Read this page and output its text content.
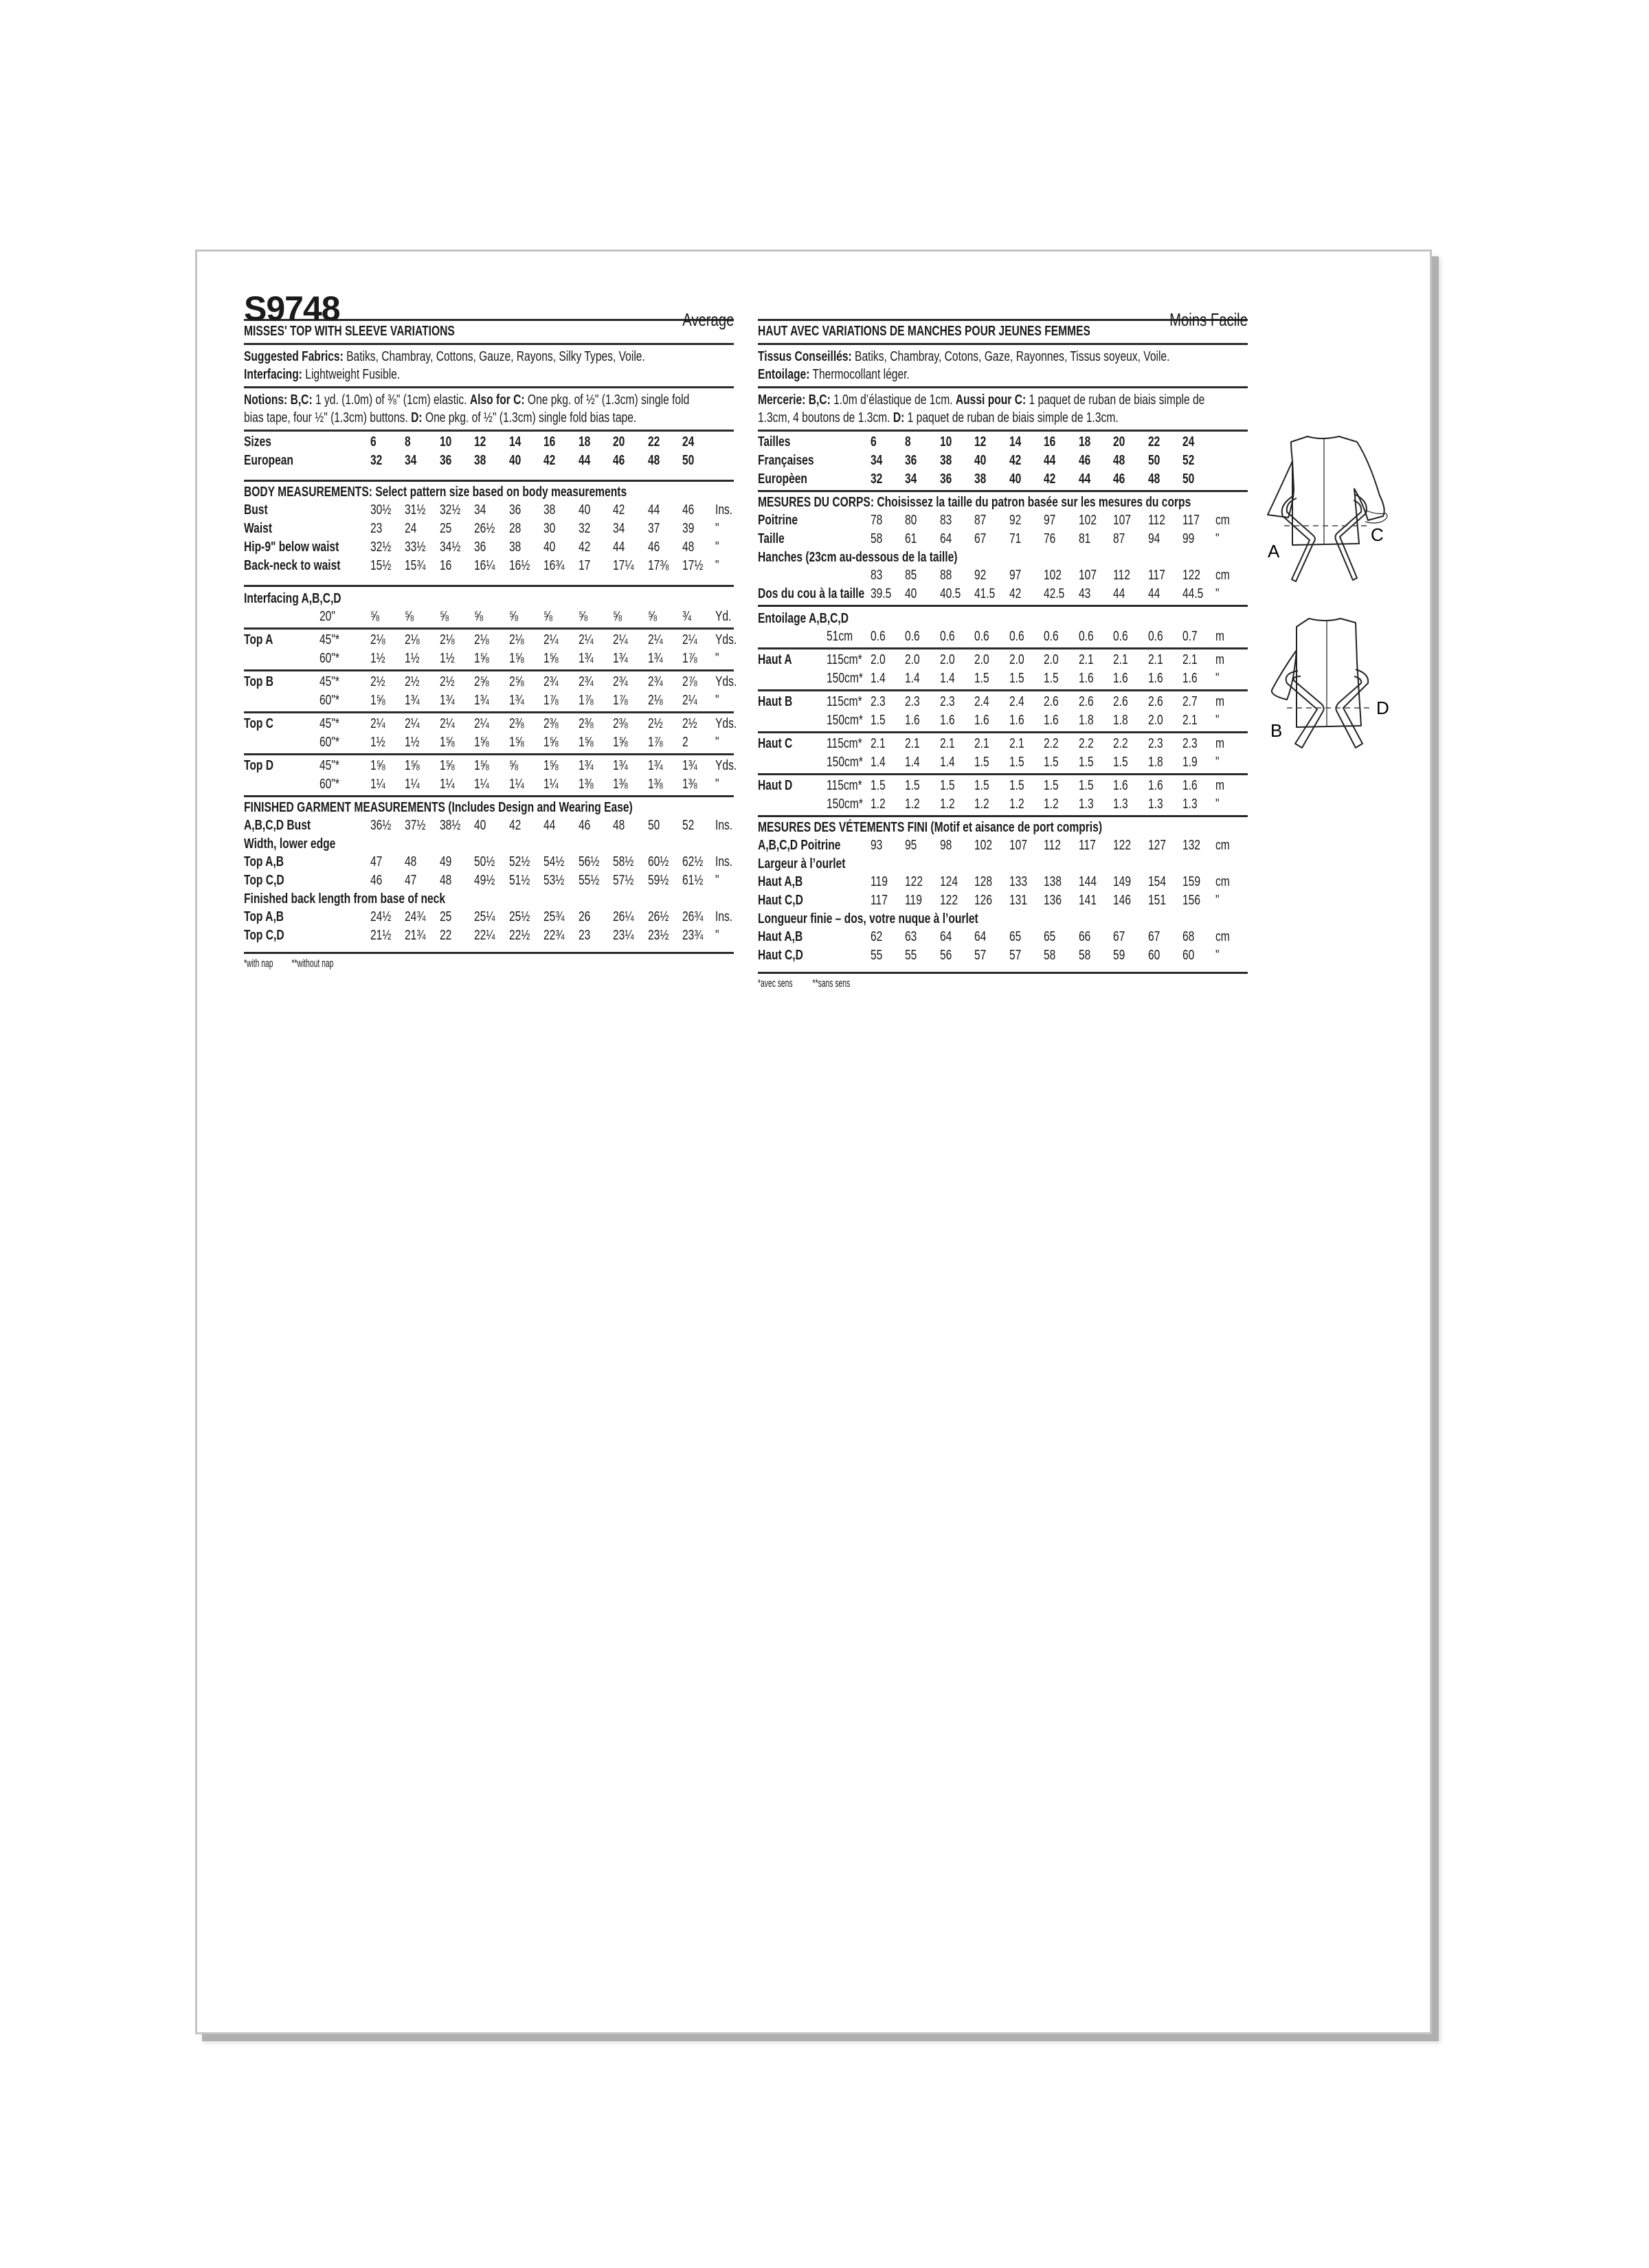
S9748	Average
MISSES' TOP WITH SLEEVE VARIATIONS
Suggested Fabrics: Batiks, Chambray, Cottons, Gauze, Rayons, Silky Types, Voile.
Interfacing: Lightweight Fusible.
Notions: B,C: 1 yd. (1.0m) of ⅜" (1cm) elastic. Also for C: One pkg. of ½" (1.3cm) single fold
bias tape, four ½" (1.3cm) buttons. D: One pkg. of ½" (1.3cm) single fold bias tape.
Sizes	6 8 10 12 14 16 18 20 22 24
European	32 34 36 38 40 42 44 46 48 50
BODY MEASUREMENTS: Select pattern size based on body measurements
Bust	30½ 31½ 32½ 34 36 38 40 42 44 46 Ins.
Waist	23 24 25 26½ 28 30 32 34 37 39 "
Hip-9" below waist 32½ 33½ 34½ 36 38 40 42 44 46 48 "
Back-neck to waist 15½ 15¾ 16 16¼ 16½ 16¾ 17 17¼ 17⅜ 17½ "
Interfacing A,B,C,D
20"	⅝ ⅝ ⅝ ⅝ ⅝ ⅝ ⅝ ⅝ ⅝ ¾ Yd.
Top A	45"* 2⅛ 2⅛ 2⅛ 2⅛ 2⅛ 2¼ 2¼ 2¼ 2¼ 2¼ Yds.
60"* 1½ 1½ 1½ 1⅝ 1⅝ 1⅝ 1¾ 1¾ 1¾ 1⅞ "
Top B	45"* 2½ 2½ 2½ 2⅝ 2⅝ 2¾ 2¾ 2¾ 2¾ 2⅞ Yds.
60"* 1⅝ 1¾ 1¾ 1¾ 1¾ 1⅞ 1⅞ 1⅞ 2⅛ 2¼ "
Top C	45"* 2¼ 2¼ 2¼ 2¼ 2⅜ 2⅜ 2⅜ 2⅜ 2½ 2½ Yds.
60"* 1½ 1½ 1⅝ 1⅝ 1⅝ 1⅝ 1⅝ 1⅝ 1⅞ 2 "
Top D	45"* 1⅝ 1⅝ 1⅝ 1⅝ ⅝ 1⅝ 1¾ 1¾ 1¾ 1¾ Yds.
60"* 1¼ 1¼ 1¼ 1¼ 1¼ 1¼ 1⅜ 1⅜ 1⅜ 1⅜ "
FINISHED GARMENT MEASUREMENTS (Includes Design and Wearing Ease)
A,B,C,D Bust	36½ 37½ 38½ 40 42 44 46 48 50 52 Ins.
Width, lower edge
Top A,B	47 48 49 50½ 52½ 54½ 56½ 58½ 60½ 62½ Ins.
Top C,D	46 47 48 49½ 51½ 53½ 55½ 57½ 59½ 61½ "
Finished back length from base of neck
Top A,B	24½ 24¾ 25 25¼ 25½ 25¾ 26 26¼ 26½ 26¾ Ins.
Top C,D	21½ 21¾ 22 22¼ 22½ 22¾ 23 23¼ 23½ 23¾ "
*with nap **without nap
Moins Facile
HAUT AVEC VARIATIONS DE MANCHES POUR JEUNES FEMMES
Tissus Conseillés: Batiks, Chambray, Cotons, Gaze, Rayonnes, Tissus soyeux, Voile.
Entoilage: Thermocollant léger.
Mercerie: B,C: 1.0m d’élastique de 1cm. Aussi pour C: 1 paquet de ruban de biais simple de
1.3cm, 4 boutons de 1.3cm. D: 1 paquet de ruban de biais simple de 1.3cm.
Tailles	6 8 10 12 14 16 18 20 22 24
Françaises	34 36 38 40 42 44 46 48 50 52
Europèen	32 34 36 38 40 42 44 46 48 50
MESURES DU CORPS: Choisissez la taille du patron basée sur les mesures du corps
Poitrine	78 80 83 87 92 97 102 107 112 117 cm
Taille	58 61 64 67 71 76 81 87 94 99 "
Hanches (23cm au-dessous de la taille)
83 85 88 92 97 102 107 112 117 122 cm
Dos du cou à la taille 39.5 40 40.5 41.5 42 42.5 43 44 44 44.5 "
Entoilage A,B,C,D
51cm 0.6 0.6 0.6 0.6 0.6 0.6 0.6 0.6 0.6 0.7 m
Haut A	115cm* 2.0 2.0 2.0 2.0 2.0 2.0 2.1 2.1 2.1 2.1 m
150cm* 1.4 1.4 1.4 1.5 1.5 1.5 1.6 1.6 1.6 1.6 "
Haut B 115cm* 2.3 2.3 2.3 2.4 2.4 2.6 2.6 2.6 2.6 2.7 m
150cm* 1.5 1.6 1.6 1.6 1.6 1.6 1.8 1.8 2.0 2.1 "
Haut C 115cm* 2.1 2.1 2.1 2.1 2.1 2.2 2.2 2.2 2.3 2.3 m
150cm* 1.4 1.4 1.4 1.5 1.5 1.5 1.5 1.5 1.8 1.9 "
Haut D 115cm* 1.5 1.5 1.5 1.5 1.5 1.5 1.5 1.6 1.6 1.6 m
150cm* 1.2 1.2 1.2 1.2 1.2 1.2 1.3 1.3 1.3 1.3 "
MESURES DES VÉTEMENTS FINI (Motif et aisance de port compris)
A,B,C,D Poitrine 93 95 98 102 107 112 117 122 127 132 cm
Largeur à l’ourlet
Haut A,B	119 122 124 128 133 138 144 149 154 159 cm
Haut C,D	117 119 122 126 131 136 141 146 151 156 "
Longueur finie – dos, votre nuque à l’ourlet
Haut A,B	62 63 64 64 65 65 66 67 67 68 cm
Haut C,D	55 55 56 57 57 58 58 59 60 60 "
*avec sens **sans sens
A
C
B
D
